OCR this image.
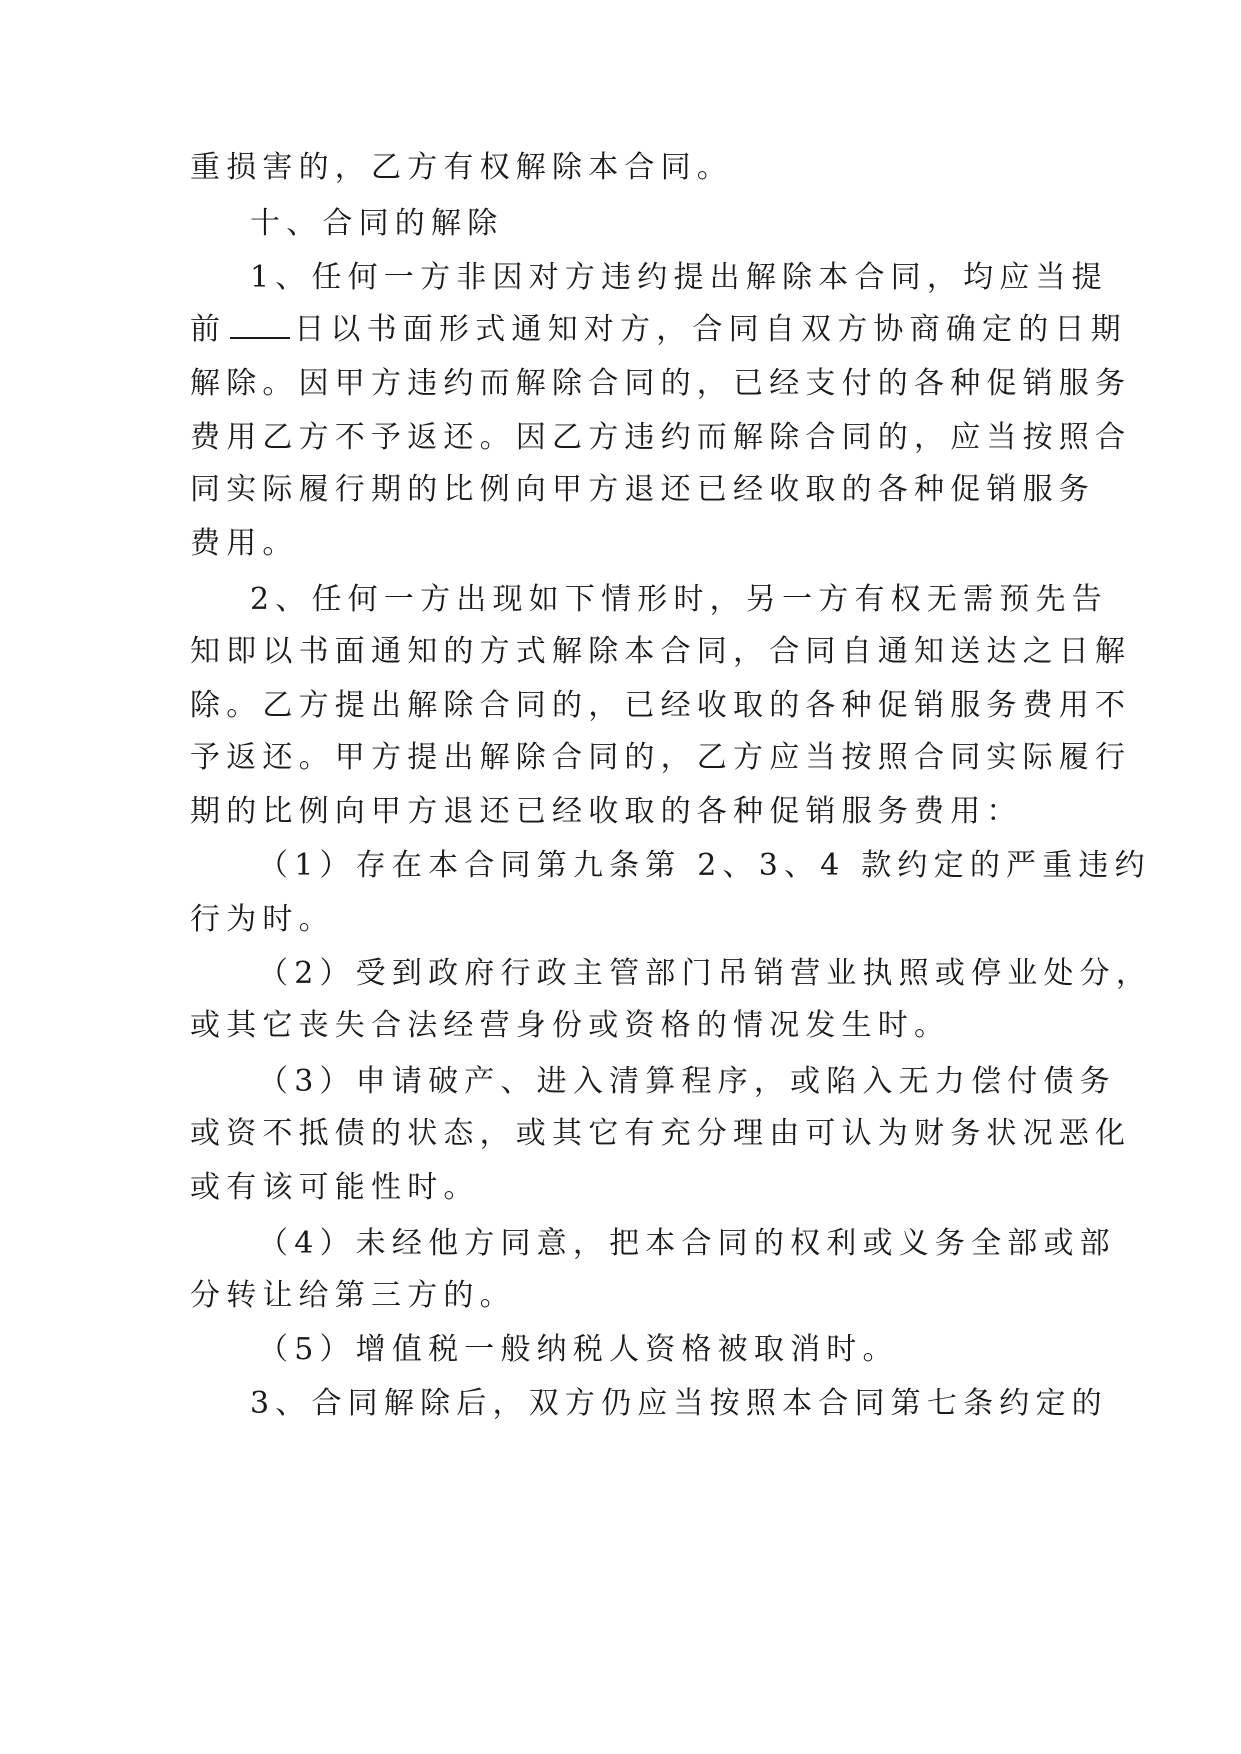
重损害的，乙方有权解除本合同。
十、合同的解除
1、任何一方非因对方违约提出解除本合同，均应当提
前 日以书面形式通知对方，合同自双方协商确定的日期
解除。因甲方违约而解除合同的，已经支付的各种促销服务
费用乙方不予返还。因乙方违约而解除合同的，应当按照合
同实际履行期的比例向甲方退还已经收取的各种促销服务
费用。
2、任何一方出现如下情形时，另一方有权无需预先告
知即以书面通知的方式解除本合同，合同自通知送达之日解
除。乙方提出解除合同的，已经收取的各种促销服务费用不
予返还。甲方提出解除合同的，乙方应当按照合同实际履行
期的比例向甲方退还已经收取的各种促销服务费用：
（1）存在本合同第九条第 2、3、4 款约定的严重违约
行为时。
（2）受到政府行政主管部门吊销营业执照或停业处分，
或其它丧失合法经营身份或资格的情况发生时。
（3）申请破产、进入清算程序，或陷入无力偿付债务
或资不抵债的状态，或其它有充分理由可认为财务状况恶化
或有该可能性时。
（4）未经他方同意，把本合同的权利或义务全部或部
分转让给第三方的。
（5）增值税一般纳税人资格被取消时。
3、合同解除后，双方仍应当按照本合同第七条约定的
